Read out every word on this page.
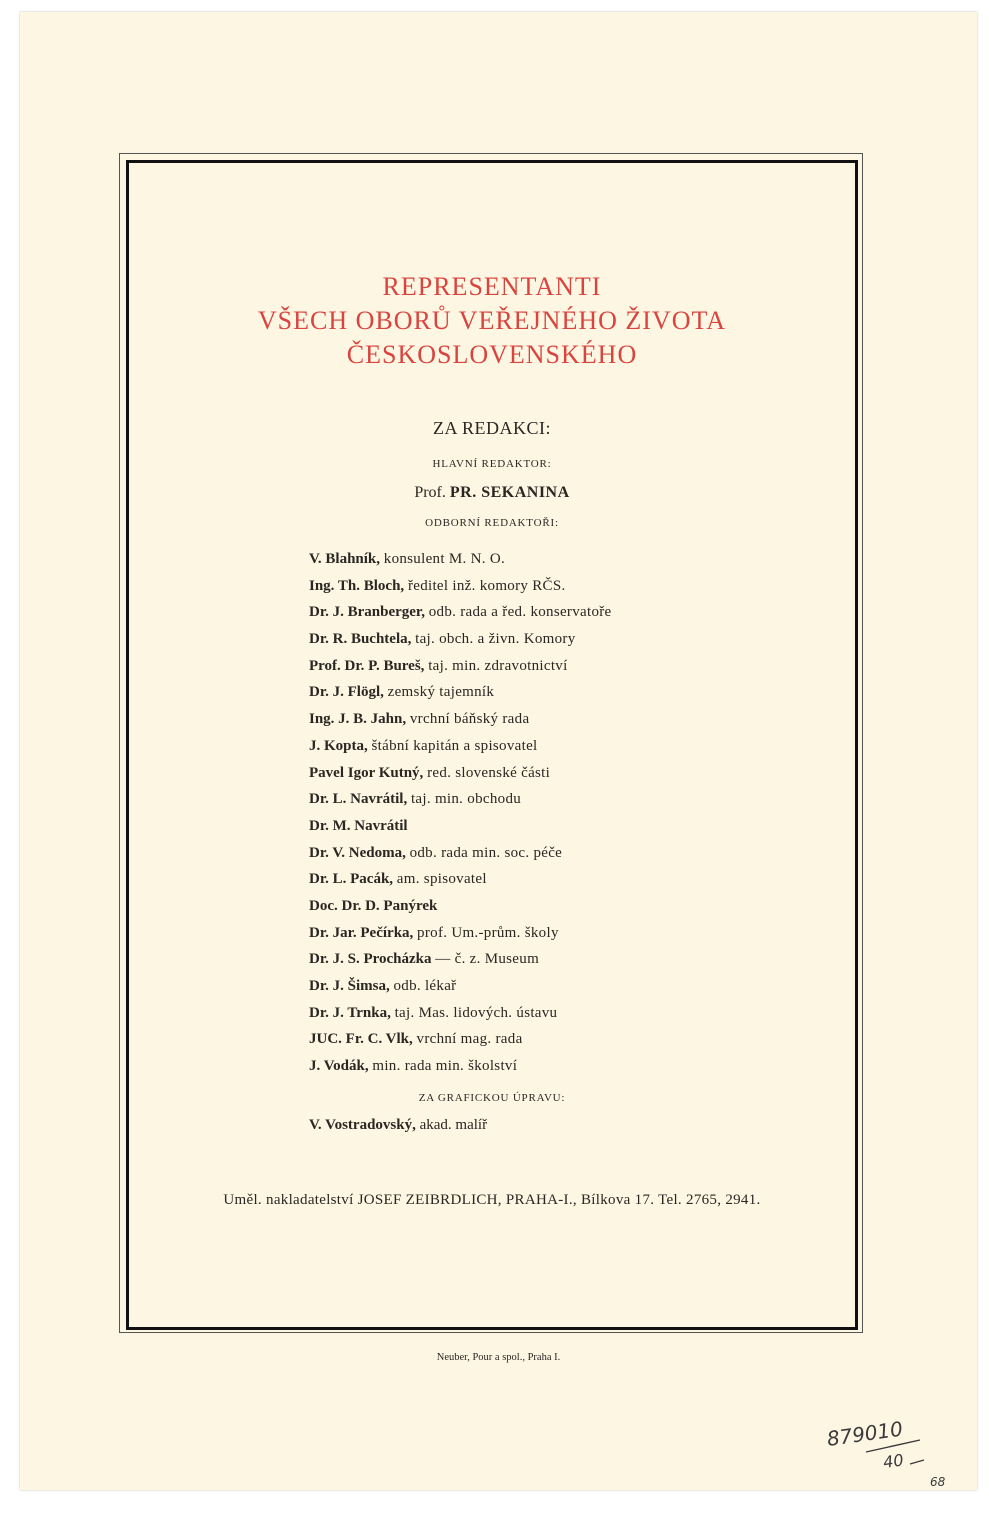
REPRESENTANTI
VŠECH OBORŮ VEŘEJNÉHO ŽIVOTA
ČESKOSLOVENSKÉHO
ZA REDAKCI:
HLAVNÍ REDAKTOR:
Prof. PR. SEKANINA
ODBORNÍ REDAKTOŘI:
V. Blahník, konsulent M. N. O.
Ing. Th. Bloch, ředitel inž. komory RČS.
Dr. J. Branberger, odb. rada a řed. konservatoře
Dr. R. Buchtela, taj. obch. a živn. Komory
Prof. Dr. P. Bureš, taj. min. zdravotnictví
Dr. J. Flögl, zemský tajemník
Ing. J. B. Jahn, vrchní báňský rada
J. Kopta, štábní kapitán a spisovatel
Pavel Igor Kutný, red. slovenské části
Dr. L. Navrátil, taj. min. obchodu
Dr. M. Navrátil
Dr. V. Nedoma, odb. rada min. soc. péče
Dr. L. Pacák, am. spisovatel
Doc. Dr. D. Panýrek
Dr. Jar. Pečírka, prof. Um.-prům. školy
Dr. J. S. Procházka — č. z. Museum
Dr. J. Šimsa, odb. lékař
Dr. J. Trnka, taj. Mas. lidových. ústavu
JUC. Fr. C. Vlk, vrchní mag. rada
J. Vodák, min. rada min. školství
ZA GRAFICKOU ÚPRAVU:
V. Vostradovský, akad. malíř
Uměl. nakladatelství JOSEF ZEIBRDLICH, PRAHA-I., Bílkova 17. Tel. 2765, 2941.
Neuber, Pour a spol., Praha I.
879010
40
68
